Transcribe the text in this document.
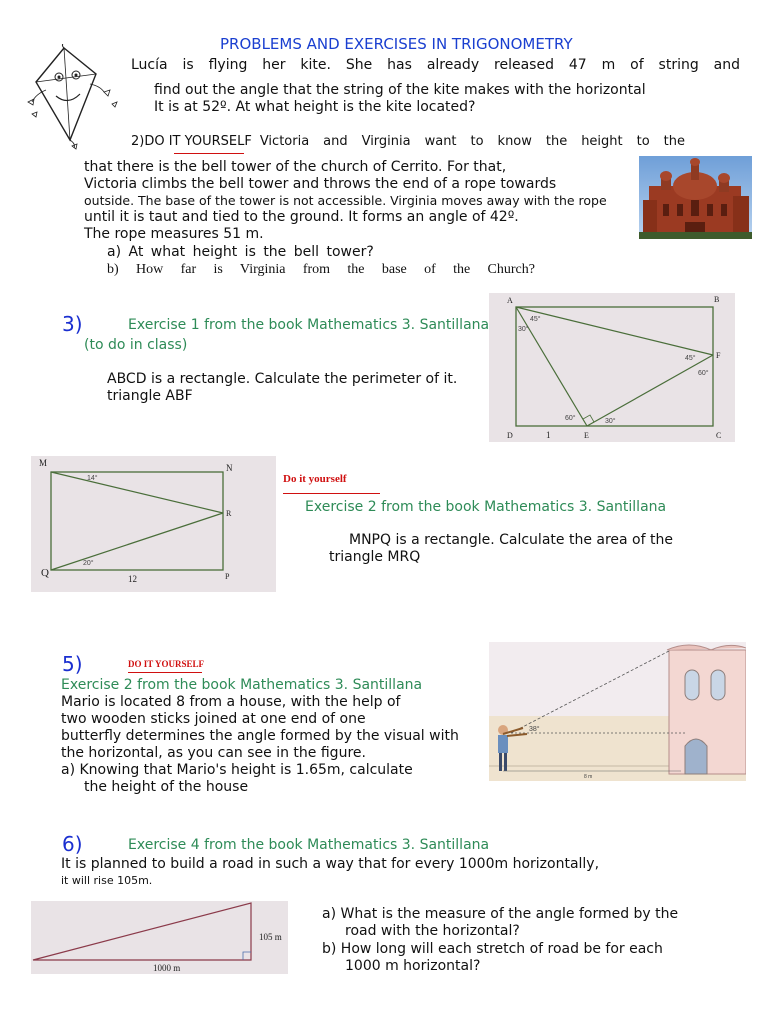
PROBLEMS AND EXERCISES IN TRIGONOMETRY
Lucía is flying her kite. She has already released 47 m of string and
find out the angle that the string of the kite makes with the horizontal
It is at 52º. At what height is the kite located?
2) DO IT YOURSELF Victoria and Virginia want to know the height to the
that there is the bell tower of the church of Cerrito. For that,
Victoria climbs the bell tower and throws the end of a rope towards
outside. The base of the tower is not accessible. Virginia moves away with the rope
until it is taut and tied to the ground. It forms an angle of 42º.
The rope measures 51 m.
a) At what height is the bell tower?
b) How far is Virginia from the base of the Church?
3)	Exercise 1 from the book Mathematics 3. Santillana
(to do in class)
ABCD is a rectangle. Calculate the perimeter of it.
triangle ABF
A	B
C
D	E
F
45°
30°
45°
60°
60°	30°
1
M	N
R
P
Q
14°
20°
12
Do it yourself
Exercise 2 from the book Mathematics 3. Santillana
MNPQ is a rectangle. Calculate the area of the
triangle MRQ
5)	DO IT YOURSELF
Exercise 2 from the book Mathematics 3. Santillana
Mario is located 8 from a house, with the help of
two wooden sticks joined at one end of one
butterfly determines the angle formed by the visual with
the horizontal, as you can see in the figure.
a) Knowing that Mario's height is 1.65m, calculate
the height of the house
38°
8 m
6)	Exercise 4 from the book Mathematics 3. Santillana
It is planned to build a road in such a way that for every 1000m horizontally,
it will rise 105m.
105 m
1000 m
a) What is the measure of the angle formed by the
road with the horizontal?
b) How long will each stretch of road be for each
1000 m horizontal?
